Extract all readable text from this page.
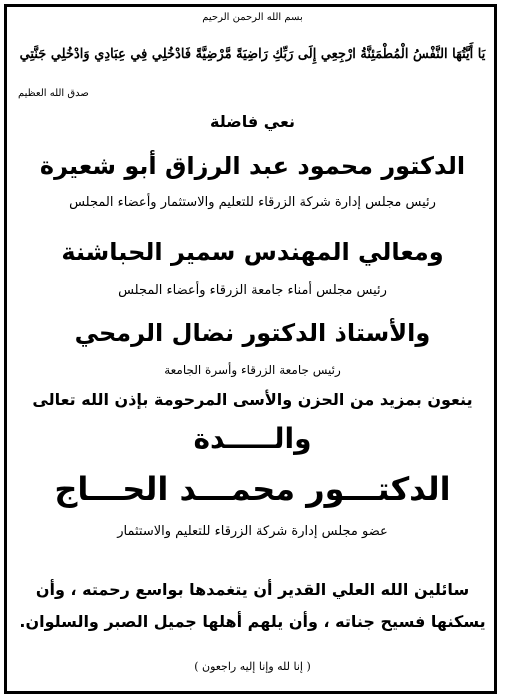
بسم الله الرحمن الرحيم
يَا أَيَّتُهَا النَّفْسُ الْمُطْمَئِنَّةُ ارْجِعِي إِلَى رَبِّكِ رَاضِيَةً مَّرْضِيَّةً فَادْخُلِي فِي عِبَادِي وَادْخُلِي جَنَّتِي
صدق الله العظيم
نعي فاضلة
الدكتور محمود عبد الرزاق أبو شعيرة
رئيس مجلس إدارة شركة الزرقاء للتعليم والاستثمار وأعضاء المجلس
ومعالي المهندس سمير الحباشنة
رئيس مجلس أمناء جامعة الزرقاء وأعضاء المجلس
والأستاذ الدكتور نضال الرمحي
رئيس جامعة الزرقاء وأسرة الجامعة
ينعون بمزيد من الحزن والأسى المرحومة بإذن الله تعالى
والـــــدة
الدكتـــور محمـــد الحـــاج
عضو مجلس إدارة شركة الزرقاء للتعليم والاستثمار
سائلين الله العلي القدير أن يتغمدها بواسع رحمته ، وأن يسكنها فسيح جناته ، وأن يلهم أهلها جميل الصبر والسلوان.
( إنا لله وإنا إليه راجعون )
